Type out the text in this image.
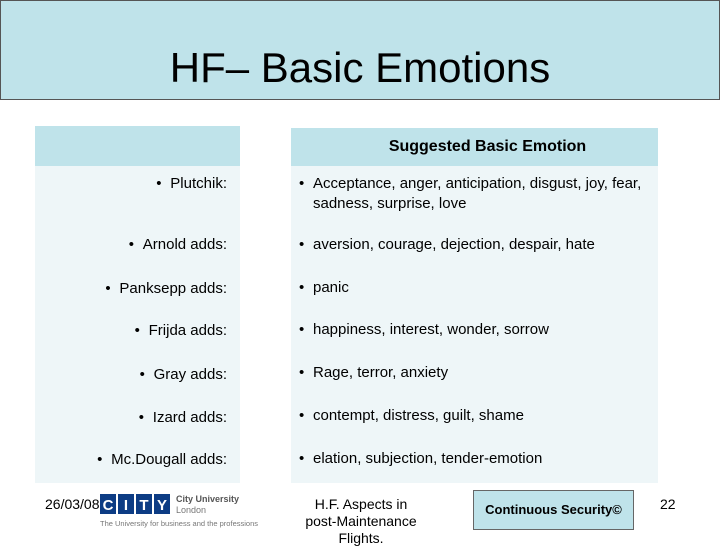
HF– Basic Emotions
Suggested Basic Emotion
• Plutchik:	• Acceptance, anger, anticipation, disgust, joy, fear, sadness, surprise, love
• Arnold adds:	• aversion, courage, dejection, despair, hate
• Panksepp adds:	• panic
• Frijda adds:	• happiness, interest, wonder, sorrow
• Gray adds:	• Rage, terror, anxiety
• Izard adds:	• contempt, distress, guilt, shame
• Mc.Dougall adds:	• elation, subjection, tender-emotion
26/03/08 C I T Y City University
London
The University for business and the professions
H.F. Aspects in
post-Maintenance Flights.
Continuous Security©	22
